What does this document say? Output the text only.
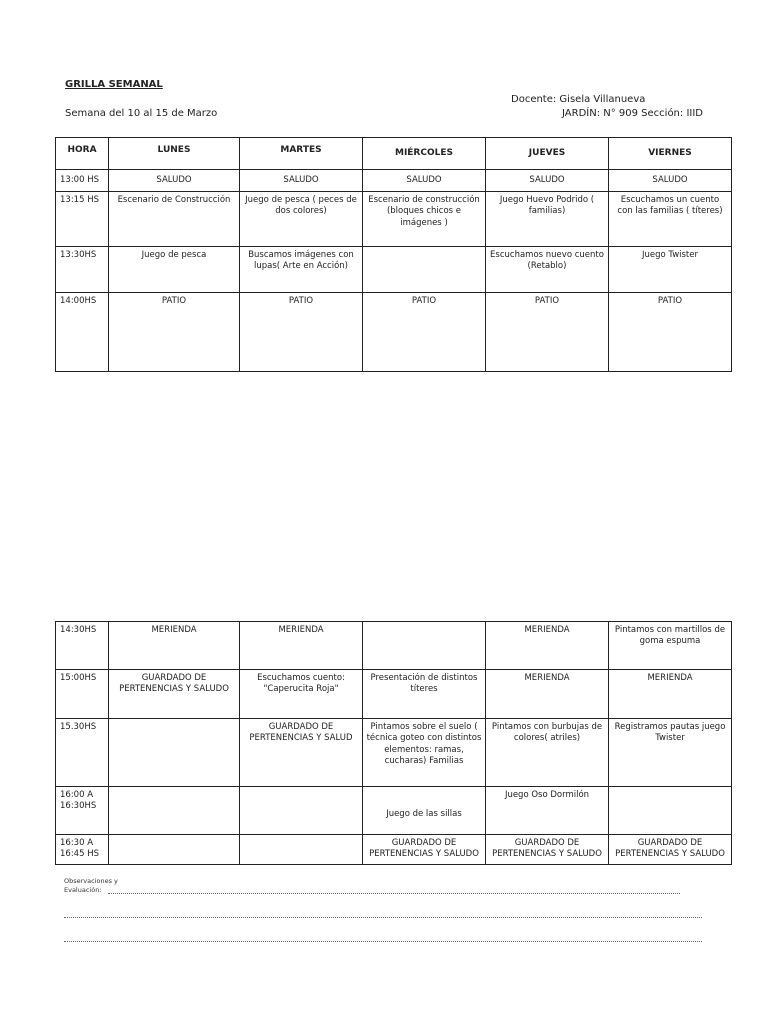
GRILLA SEMANAL
Semana del 10 al 15 de Marzo
Docente: Gisela Villanueva
JARDÍN: N° 909 Sección: IIID
HORA	LUNES	MARTES	MIÉRCOLES	JUEVES	VIERNES
13:00 HS	SALUDO	SALUDO	SALUDO	SALUDO	SALUDO
13:15 HS	Escenario de Construcción	Juego de pesca ( peces de dos colores)	Escenario de construcción (bloques chicos e imágenes )	Juego Huevo Podrido ( familias)	Escuchamos un cuento con las familias ( títeres)
13:30HS	Juego de pesca	Buscamos imágenes con lupas( Arte en Acción)		Escuchamos nuevo cuento (Retablo)	Juego Twister
14:00HS	PATIO	PATIO	PATIO	PATIO	PATIO
14:30HS	MERIENDA	MERIENDA		MERIENDA	Pintamos con martillos de goma espuma
15:00HS	GUARDADO DE PERTENENCIAS Y SALUDO	Escuchamos cuento: "Caperucita Roja"	Presentación de distintos títeres	MERIENDA	MERIENDA
15.30HS		GUARDADO DE PERTENENCIAS Y SALUD	Pintamos sobre el suelo ( técnica goteo con distintos elementos: ramas, cucharas) Familias	Pintamos con burbujas de colores( atriles)	Registramos pautas juego Twister
16:00 A 16:30HS			Juego de las sillas	Juego Oso Dormilón	
16:30 A 16:45 HS			GUARDADO DE PERTENENCIAS Y SALUDO	GUARDADO DE PERTENENCIAS Y SALUDO	GUARDADO DE PERTENENCIAS Y SALUDO
Observaciones y
Evaluación:
